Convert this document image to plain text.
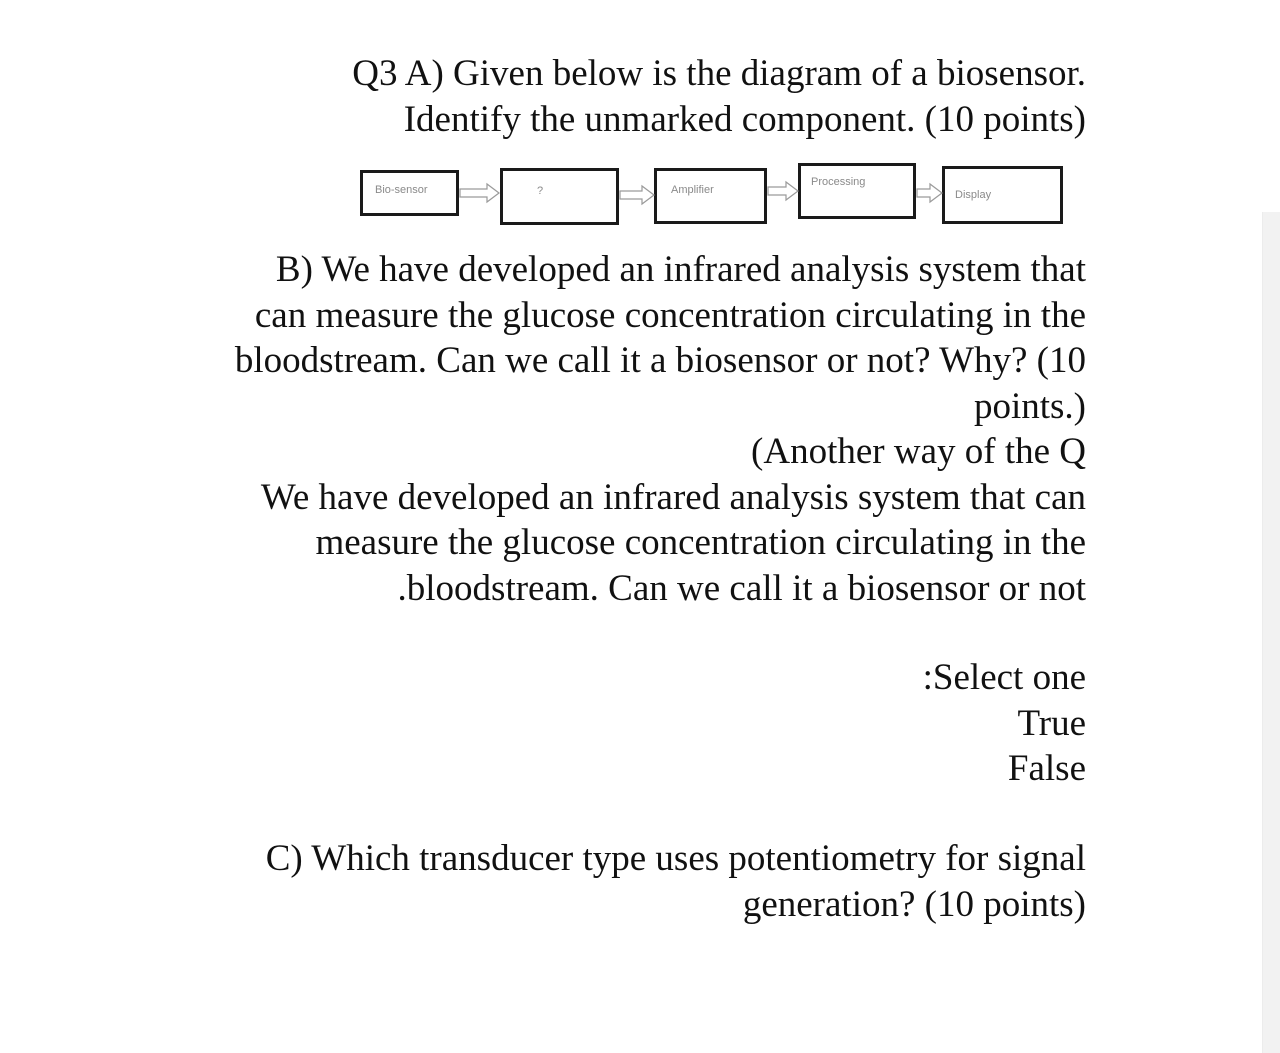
Q3 A) Given below is the diagram of a biosensor.
Identify the unmarked component. (10 points)
Bio-sensor	?	Amplifier
Processing
Display
B) We have developed an infrared analysis system that
can measure the glucose concentration circulating in the
bloodstream. Can we call it a biosensor or not? Why? (10
points.)
(Another way of the Q
We have developed an infrared analysis system that can
measure the glucose concentration circulating in the
.bloodstream. Can we call it a biosensor or not
:Select one
True
False
C) Which transducer type uses potentiometry for signal
generation? (10 points)
